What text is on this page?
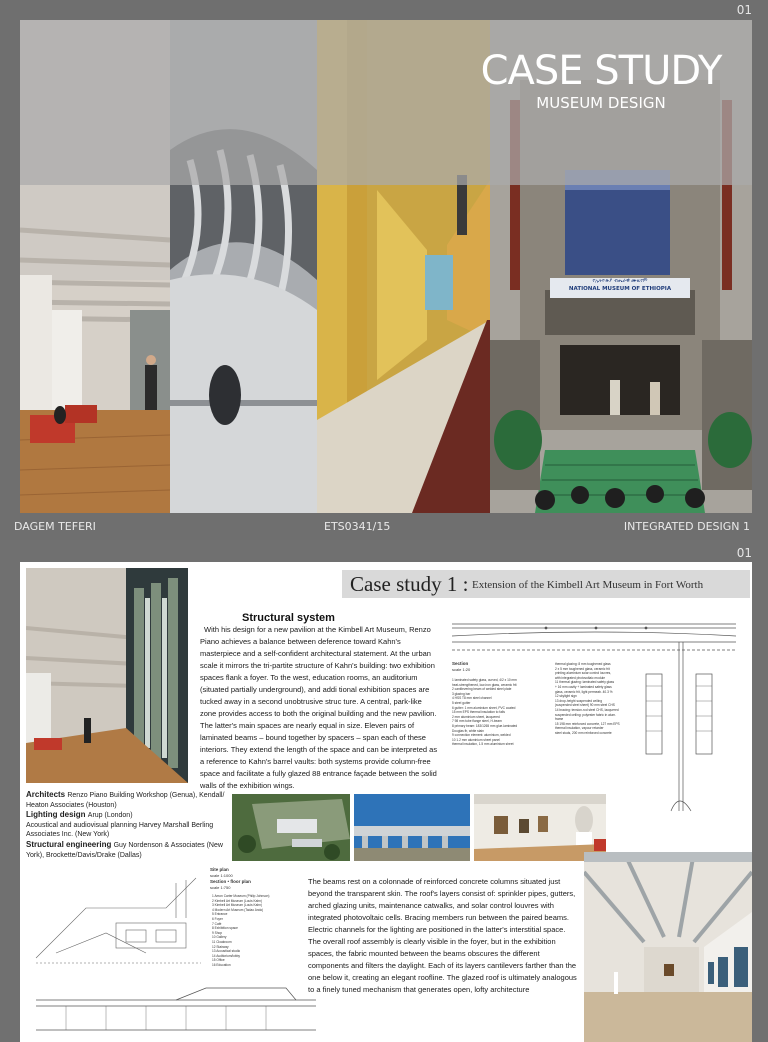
01
የኢትዮጵያ ብሔራዊ ሙዚየም
NATIONAL MUSEUM OF ETHIOPIA
CASE STUDY
MUSEUM DESIGN
DAGEM TEFERI	ETS0341/15	INTEGRATED DESIGN 1
01
Case study 1 : Extension of the Kimbell Art Museum in Fort Worth
Structural system

With his design for a new pavilion at the Kimbell Art Museum, Renzo Piano achieves a balance between deference toward Kahn's masterpiece and a self-confident architectural statement. At the urban scale it mirrors the tri-partite structure of Kahn's building: two exhibition spaces flank a foyer. To the west, education rooms, an auditorium (situated partially underground), and addi tional exhibition spaces are tucked away in a second unobtrusive struc ture. A central, park-like zone provides access to both the original building and the new pavilion. The latter's main spaces are nearly equal in size. Eleven pairs of laminated beams – bound together by spacers – span each of these interiors. They extend the length of the space and can be interpreted as a reference to Kahn's barrel vaults: both systems provide column-free space and facilitate a fully glazed 88 entrance façade between the solid walls of the exhibition wings.

Section
scale 1:20
1 laminated safety glass, curved, 4/2 x 10 mm
heat-strengthened, low-iron glass, ceramic frit
2 cantilevering beam of welded steel plate
3 glazing bar
4 HSS T8 mm steel channel
5 steel gutter
6 gutter: 1 mm aluminium sheet, PVC coated
15 mm EPS thermal insulation to falls
2 mm aluminium sheet, lacquered
7 98 mm tube flange steel, H-beam
8 primary beam: 183/1265 mm glue-laminated
Douglas fir, white stain
9 connection element: aluminium, welded
10 1.2 mm aluminium sheet panel
thermal insulation, 1.5 mm aluminium sheet
thermal glazing: 8 mm toughened glass
2 x 5 mm toughened glass, ceramic frit
printing aluminium solar control louvres,
with integrated photovoltaic module
11 thermal glazing: laminated safety glass
+ 16 mm cavity + laminated safety glass
glass, ceramic frit, light permeab. 40.3 %
12 skylight sign
13 drop-height suspended ceiling
(suspended steel sheet) 90 mm steel CHS
14 bracing: tension-rod steel CHS, lacquered
suspended ceiling: polyester fabric in alum.
frame
15 198 mm reinforced concrete, 127 mm EPS
thermal insulation, vapour retarder
steel studs, 200 mm reinforced concrete
Architects Renzo Piano Building Workshop (Genua), Kendall/ Heaton Associates (Houston)
Lighting design Arup (London)
Acoustical and audiovisual planning Harvey Marshall Berling Associates Inc. (New York)
Structural engineering Guy Nordenson & Associates (New York), Brockette/Davis/Drake (Dallas)
Site plan
scale 1:1000
Section • floor plan
scale 1:750
1 Amon Carter Museum (Philip Johnson)
2 Kimbell Art Museum (Louis Kahn)
3 Kimbell Art Museum (Louis Kahn)
4 Modern Art Museum (Tadao Ando)
5 Entrance
6 Foyer
7 Café
8 Exhibition space
9 Shop
10 Gallery
11 Cloakroom
12 Stairway
13 Acoustical studio
14 Auditorium/lobby
15 Office
16 Education

The beams rest on a colonnade of reinforced concrete columns situated just beyond the transparent skin. The roof's layers consist of: sprinkler pipes, gutters, arched glazing units, maintenance catwalks, and solar control louvres with integrated photovoltaic cells. Bracing members run between the paired beams. Electric channels for the lighting are positioned in the latter's interstitial space. The overall roof assembly is clearly visible in the foyer, but in the exhibition spaces, the fabric mounted between the beams obscures the different components and filters the daylight. Each of its layers cantilevers farther than the one below it, creating an elegant roofline. The glazed roof is ultimately analogous to a finely tuned mechanism that generates open, lofty architecture
